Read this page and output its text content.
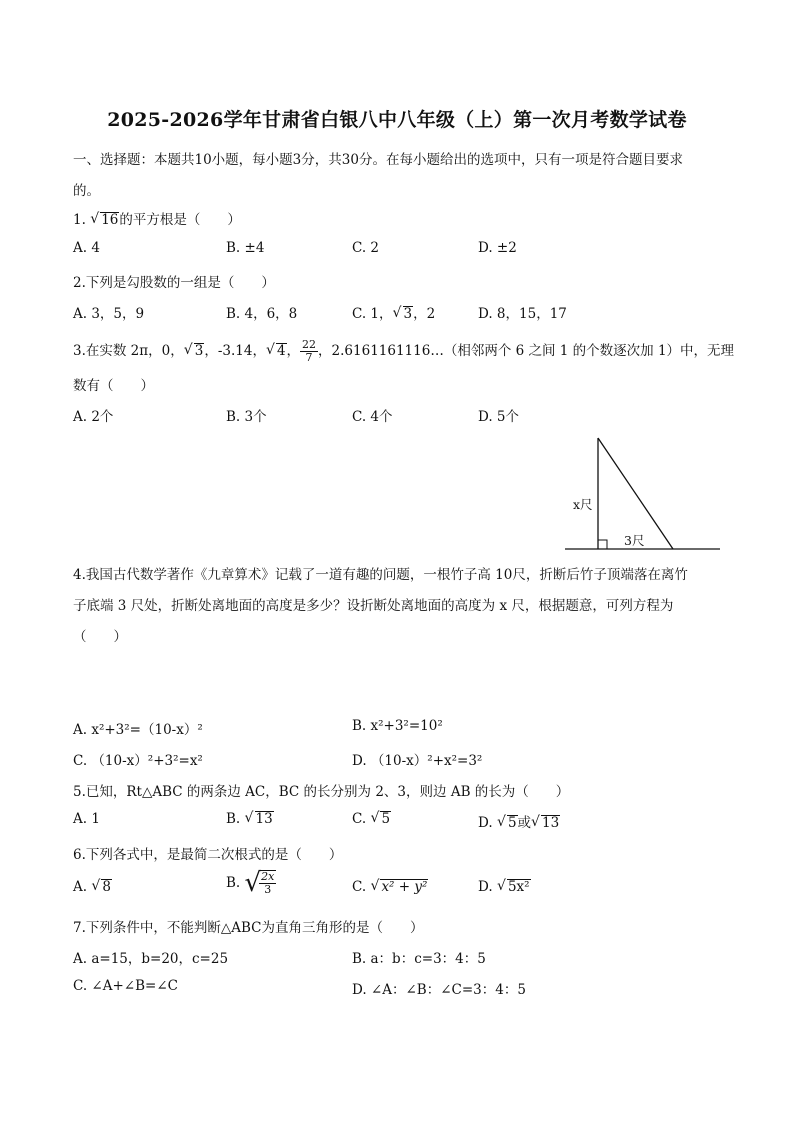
2025-2026学年甘肃省白银八中八年级（上）第一次月考数学试卷
一、选择题：本题共10小题，每小题3分，共30分。在每小题给出的选项中，只有一项是符合题目要求
的。
1. √ 16的平方根是（　　）
A. 4	B. ±4	C. 2	D. ±2
2.下列是勾股数的一组是（　　）
A. 3，5，9	B. 4，6，8	C. 1， √ 3，2	D. 8，15，17
3.在实数 2π，0， √ 3，-3.14， √ 4， $\frac{22}{7}$ ，2.6161161116…（相邻两个 6 之间 1 的个数逐次加 1）中，无理
数有（　　）
A. 2个	B. 3个	C. 4个	D. 5个
x尺
3尺
4.我国古代数学著作《九章算术》记载了一道有趣的问题，一根竹子高 10尺，折断后竹子顶端落在离竹
子底端 3 尺处，折断处离地面的高度是多少？设折断处离地面的高度为 x 尺，根据题意，可列方程为
（　　）
A. x²+3²=（10-x）²	B. x²+3²=10²
C. （10-x）²+3²=x²	D. （10-x）²+x²=3²
5.已知，Rt△ABC 的两条边 AC，BC 的长分别为 2、3，则边 AB 的长为（　　）
A. 1	B. √ 13	C. √ 5	D. √ 5或 √ 13
6.下列各式中，是最简二次根式的是（　　）
A. √ 8	B. √
$\frac{2x}{3}$	C. √ x² + y²	D. √ 5x²
7.下列条件中，不能判断△ABC为直角三角形的是（　　）
A. a=15，b=20，c=25	B. a：b：c=3：4：5
C. ∠A+∠B=∠C	D. ∠A：∠B：∠C=3：4：5
